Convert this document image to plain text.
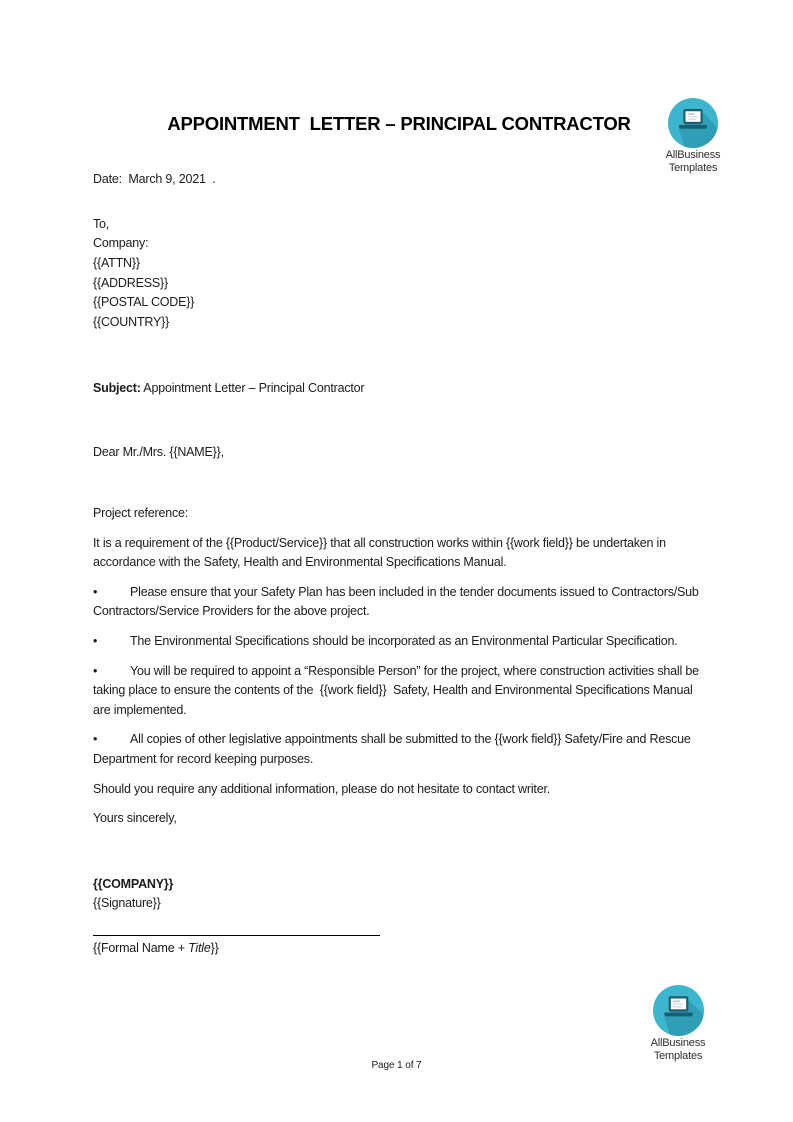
AllBusiness
Templates
APPOINTMENT  LETTER – PRINCIPAL CONTRACTOR
Date:  March 9, 2021  .
To,
Company:
{{ATTN}}
{{ADDRESS}}
{{POSTAL CODE}}
{{COUNTRY}}
Subject: Appointment Letter – Principal Contractor
Dear Mr./Mrs. {{NAME}},
Project reference:
It is a requirement of the {{Product/Service}} that all construction works within {{work field}} be undertaken in accordance with the Safety, Health and Environmental Specifications Manual.
•	Please ensure that your Safety Plan has been included in the tender documents issued to Contractors/Sub Contractors/Service Providers for the above project.
•	The Environmental Specifications should be incorporated as an Environmental Particular Specification.
•	You will be required to appoint a “Responsible Person” for the project, where construction activities shall be taking place to ensure the contents of the  {{work field}}  Safety, Health and Environmental Specifications Manual are implemented.
•	All copies of other legislative appointments shall be submitted to the {{work field}} Safety/Fire and Rescue Department for record keeping purposes.
Should you require any additional information, please do not hesitate to contact writer.
Yours sincerely,
{{COMPANY}}
{{Signature}}
{{Formal Name + Title}}
AllBusiness
Templates
Page 1 of 7
